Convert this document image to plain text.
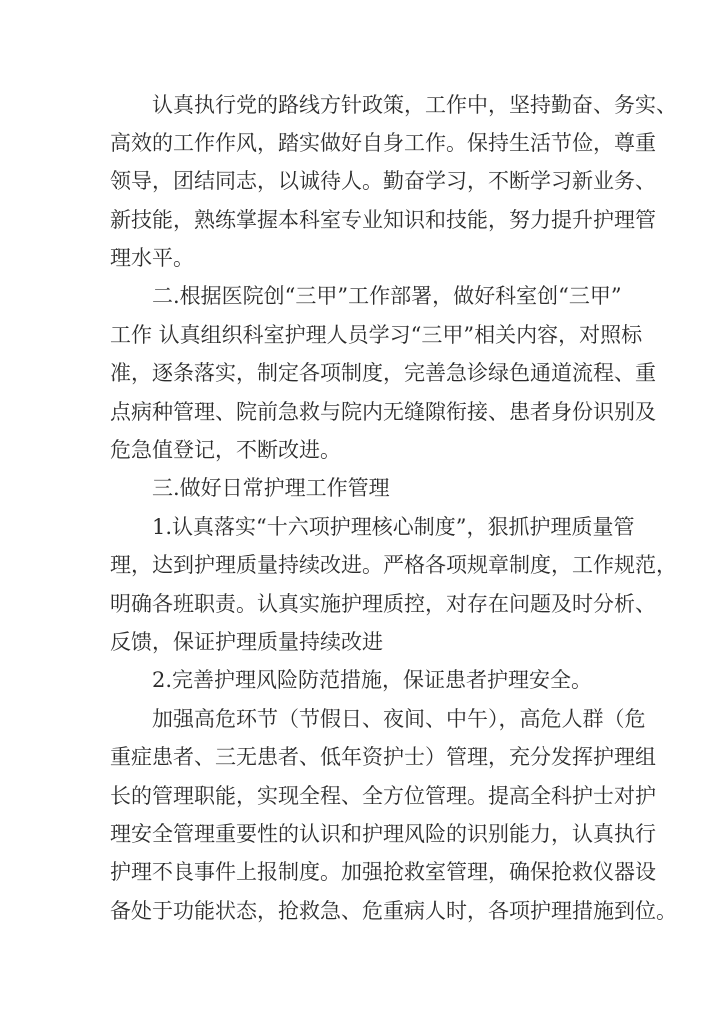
认真执行党的路线方针政策，工作中，坚持勤奋、务实、
高效的工作作风，踏实做好自身工作。保持生活节俭，尊重
领导，团结同志，以诚待人。勤奋学习，不断学习新业务、
新技能，熟练掌握本科室专业知识和技能，努力提升护理管
理水平。
二.根据医院创“三甲”工作部署，做好科室创“三甲”
工作 认真组织科室护理人员学习“三甲”相关内容，对照标
准，逐条落实，制定各项制度，完善急诊绿色通道流程、重
点病种管理、院前急救与院内无缝隙衔接、患者身份识别及
危急值登记，不断改进。
三.做好日常护理工作管理
1.认真落实“十六项护理核心制度”，狠抓护理质量管
理，达到护理质量持续改进。严格各项规章制度，工作规范，
明确各班职责。认真实施护理质控，对存在问题及时分析、
反馈，保证护理质量持续改进
2.完善护理风险防范措施，保证患者护理安全。
加强高危环节（节假日、夜间、中午），高危人群（危
重症患者、三无患者、低年资护士）管理，充分发挥护理组
长的管理职能，实现全程、全方位管理。提高全科护士对护
理安全管理重要性的认识和护理风险的识别能力，认真执行
护理不良事件上报制度。加强抢救室管理，确保抢救仪器设
备处于功能状态，抢救急、危重病人时，各项护理措施到位。
